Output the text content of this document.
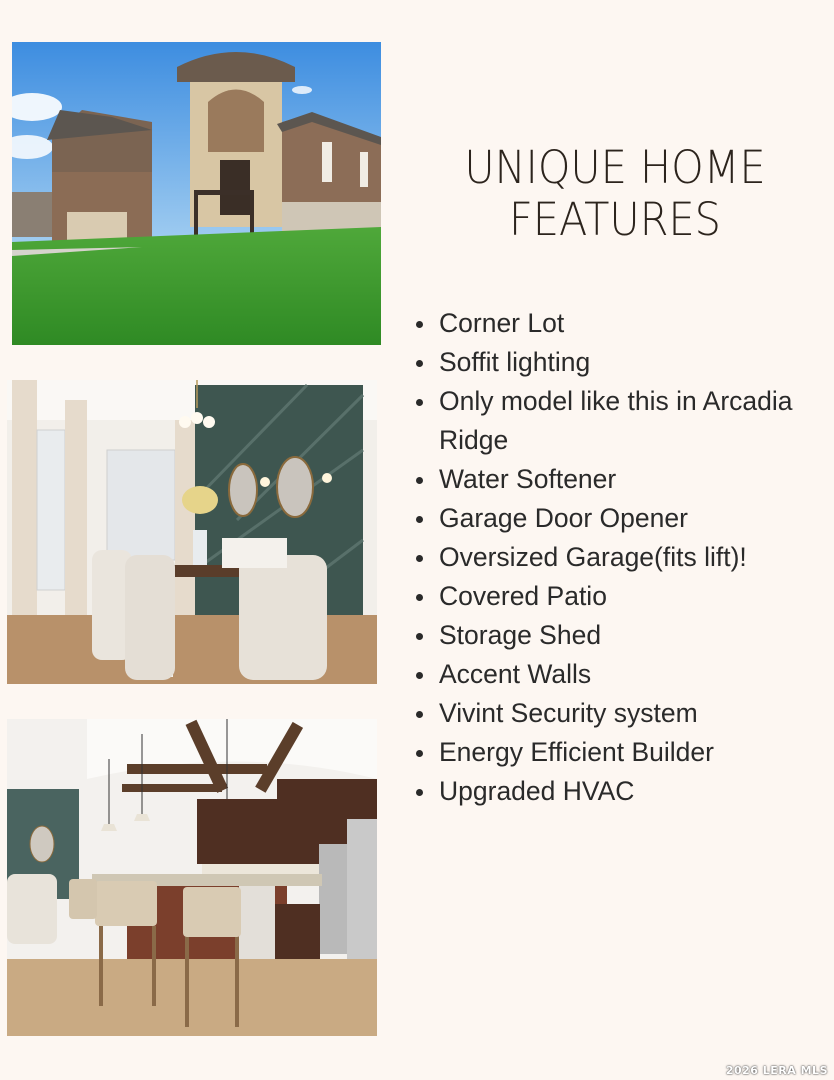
UNIQUE HOME
FEATURES
Corner Lot
Soffit lighting
Only model like this in Arcadia Ridge
Water Softener
Garage Door Opener
Oversized Garage(fits lift)!
Covered Patio
Storage Shed
Accent Walls
Vivint Security system
Energy Efficient Builder
Upgraded HVAC
2026 LERA MLS
